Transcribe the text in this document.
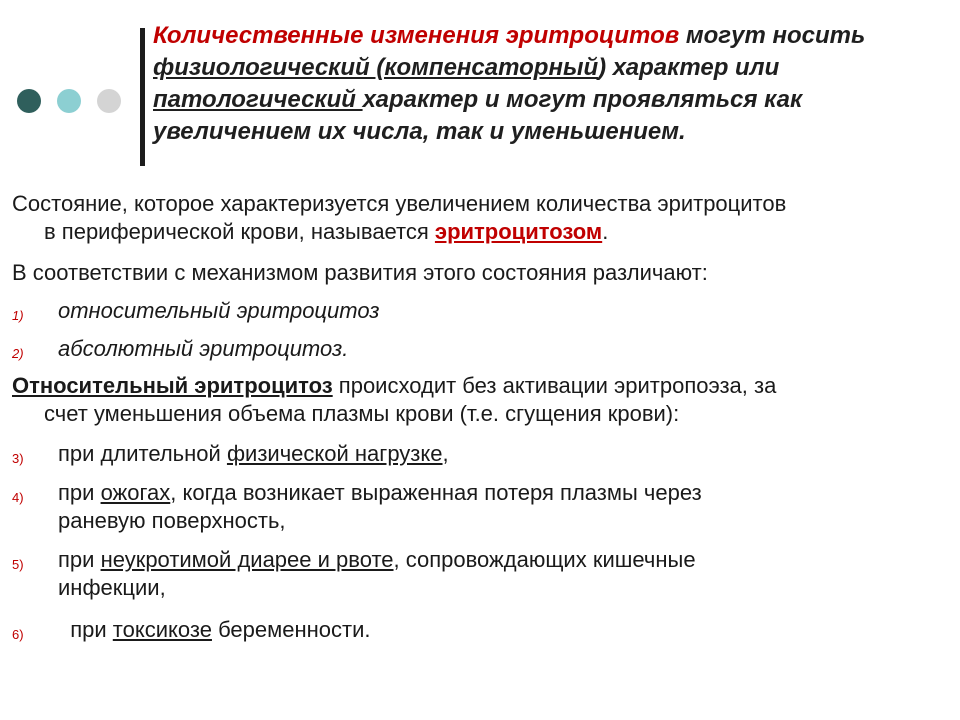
Количественные изменения эритроцитов могут носить физиологический (компенсаторный) характер или патологический характер и могут проявляться как увеличением их числа, так и уменьшением.
Состояние, которое характеризуется увеличением количества эритроцитов
в периферической крови, называется эритроцитозом.
В соответствии с механизмом развития этого состояния различают:
1) относительный эритроцитоз
2) абсолютный эритроцитоз.
Относительный эритроцитоз происходит без активации эритропоэза, за
счет уменьшения объема плазмы крови (т.е. сгущения крови):
3) при длительной физической нагрузке,
4) при ожогах, когда возникает выраженная потеря плазмы через
раневую поверхность,
5) при неукротимой диарее и рвоте, сопровождающих кишечные
инфекции,
6) при токсикозе беременности.
